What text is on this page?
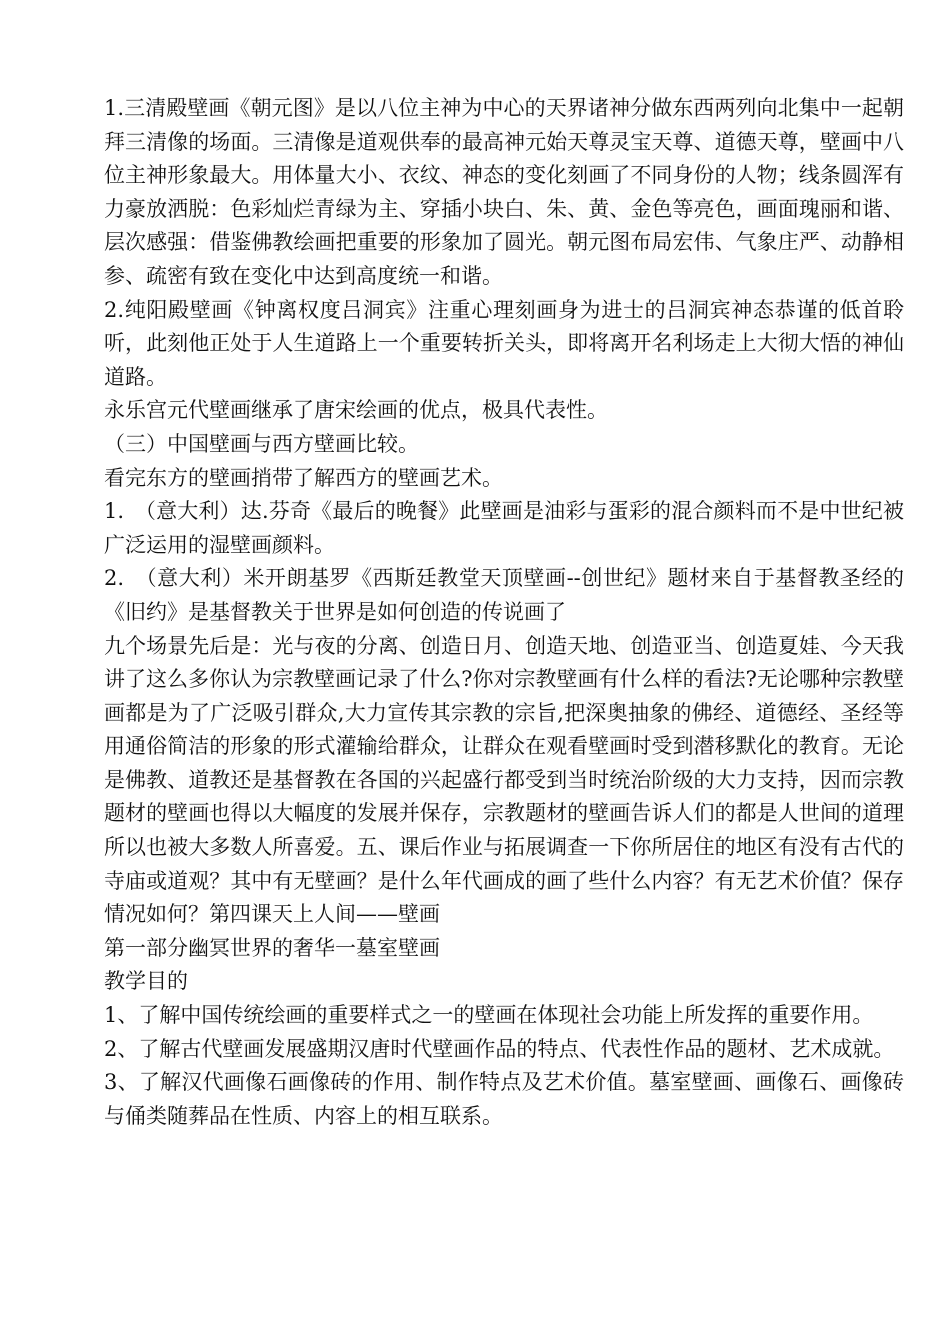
1.三清殿壁画《朝元图》是以八位主神为中心的天界诸神分做东西两列向北集中一起朝拜三清像的场面。三清像是道观供奉的最高神元始天尊灵宝天尊、道德天尊，壁画中八位主神形象最大。用体量大小、衣纹、神态的变化刻画了不同身份的人物；线条圆浑有力豪放洒脱：色彩灿烂青绿为主、穿插小块白、朱、黄、金色等亮色，画面瑰丽和谐、层次感强：借鉴佛教绘画把重要的形象加了圆光。朝元图布局宏伟、气象庄严、动静相参、疏密有致在变化中达到高度统一和谐。

2.纯阳殿壁画《钟离权度吕洞宾》注重心理刻画身为进士的吕洞宾神态恭谨的低首聆听，此刻他正处于人生道路上一个重要转折关头，即将离开名利场走上大彻大悟的神仙道路。

永乐宫元代壁画继承了唐宋绘画的优点，极具代表性。

（三）中国壁画与西方壁画比较。

看完东方的壁画捎带了解西方的壁画艺术。

1.　（意大利）达.芬奇《最后的晚餐》此壁画是油彩与蛋彩的混合颜料而不是中世纪被广泛运用的湿壁画颜料。

2.　（意大利）米开朗基罗《西斯廷教堂天顶壁画--创世纪》题材来自于基督教圣经的《旧约》是基督教关于世界是如何创造的传说画了

九个场景先后是：光与夜的分离、创造日月、创造天地、创造亚当、创造夏娃、今天我讲了这么多你认为宗教壁画记录了什么?你对宗教壁画有什么样的看法?无论哪种宗教壁画都是为了广泛吸引群众,大力宣传其宗教的宗旨,把深奥抽象的佛经、道德经、圣经等用通俗简洁的形象的形式灌输给群众，让群众在观看壁画时受到潜移默化的教育。无论是佛教、道教还是基督教在各国的兴起盛行都受到当时统治阶级的大力支持，因而宗教题材的壁画也得以大幅度的发展并保存，宗教题材的壁画告诉人们的都是人世间的道理所以也被大多数人所喜爱。五、课后作业与拓展调查一下你所居住的地区有没有古代的寺庙或道观？其中有无壁画？是什么年代画成的画了些什么内容？有无艺术价值？保存情况如何？第四课天上人间——壁画

第一部分幽冥世界的奢华一墓室壁画

教学目的

1、了解中国传统绘画的重要样式之一的壁画在体现社会功能上所发挥的重要作用。

2、了解古代壁画发展盛期汉唐时代壁画作品的特点、代表性作品的题材、艺术成就。

3、了解汉代画像石画像砖的作用、制作特点及艺术价值。墓室壁画、画像石、画像砖与俑类随葬品在性质、内容上的相互联系。
